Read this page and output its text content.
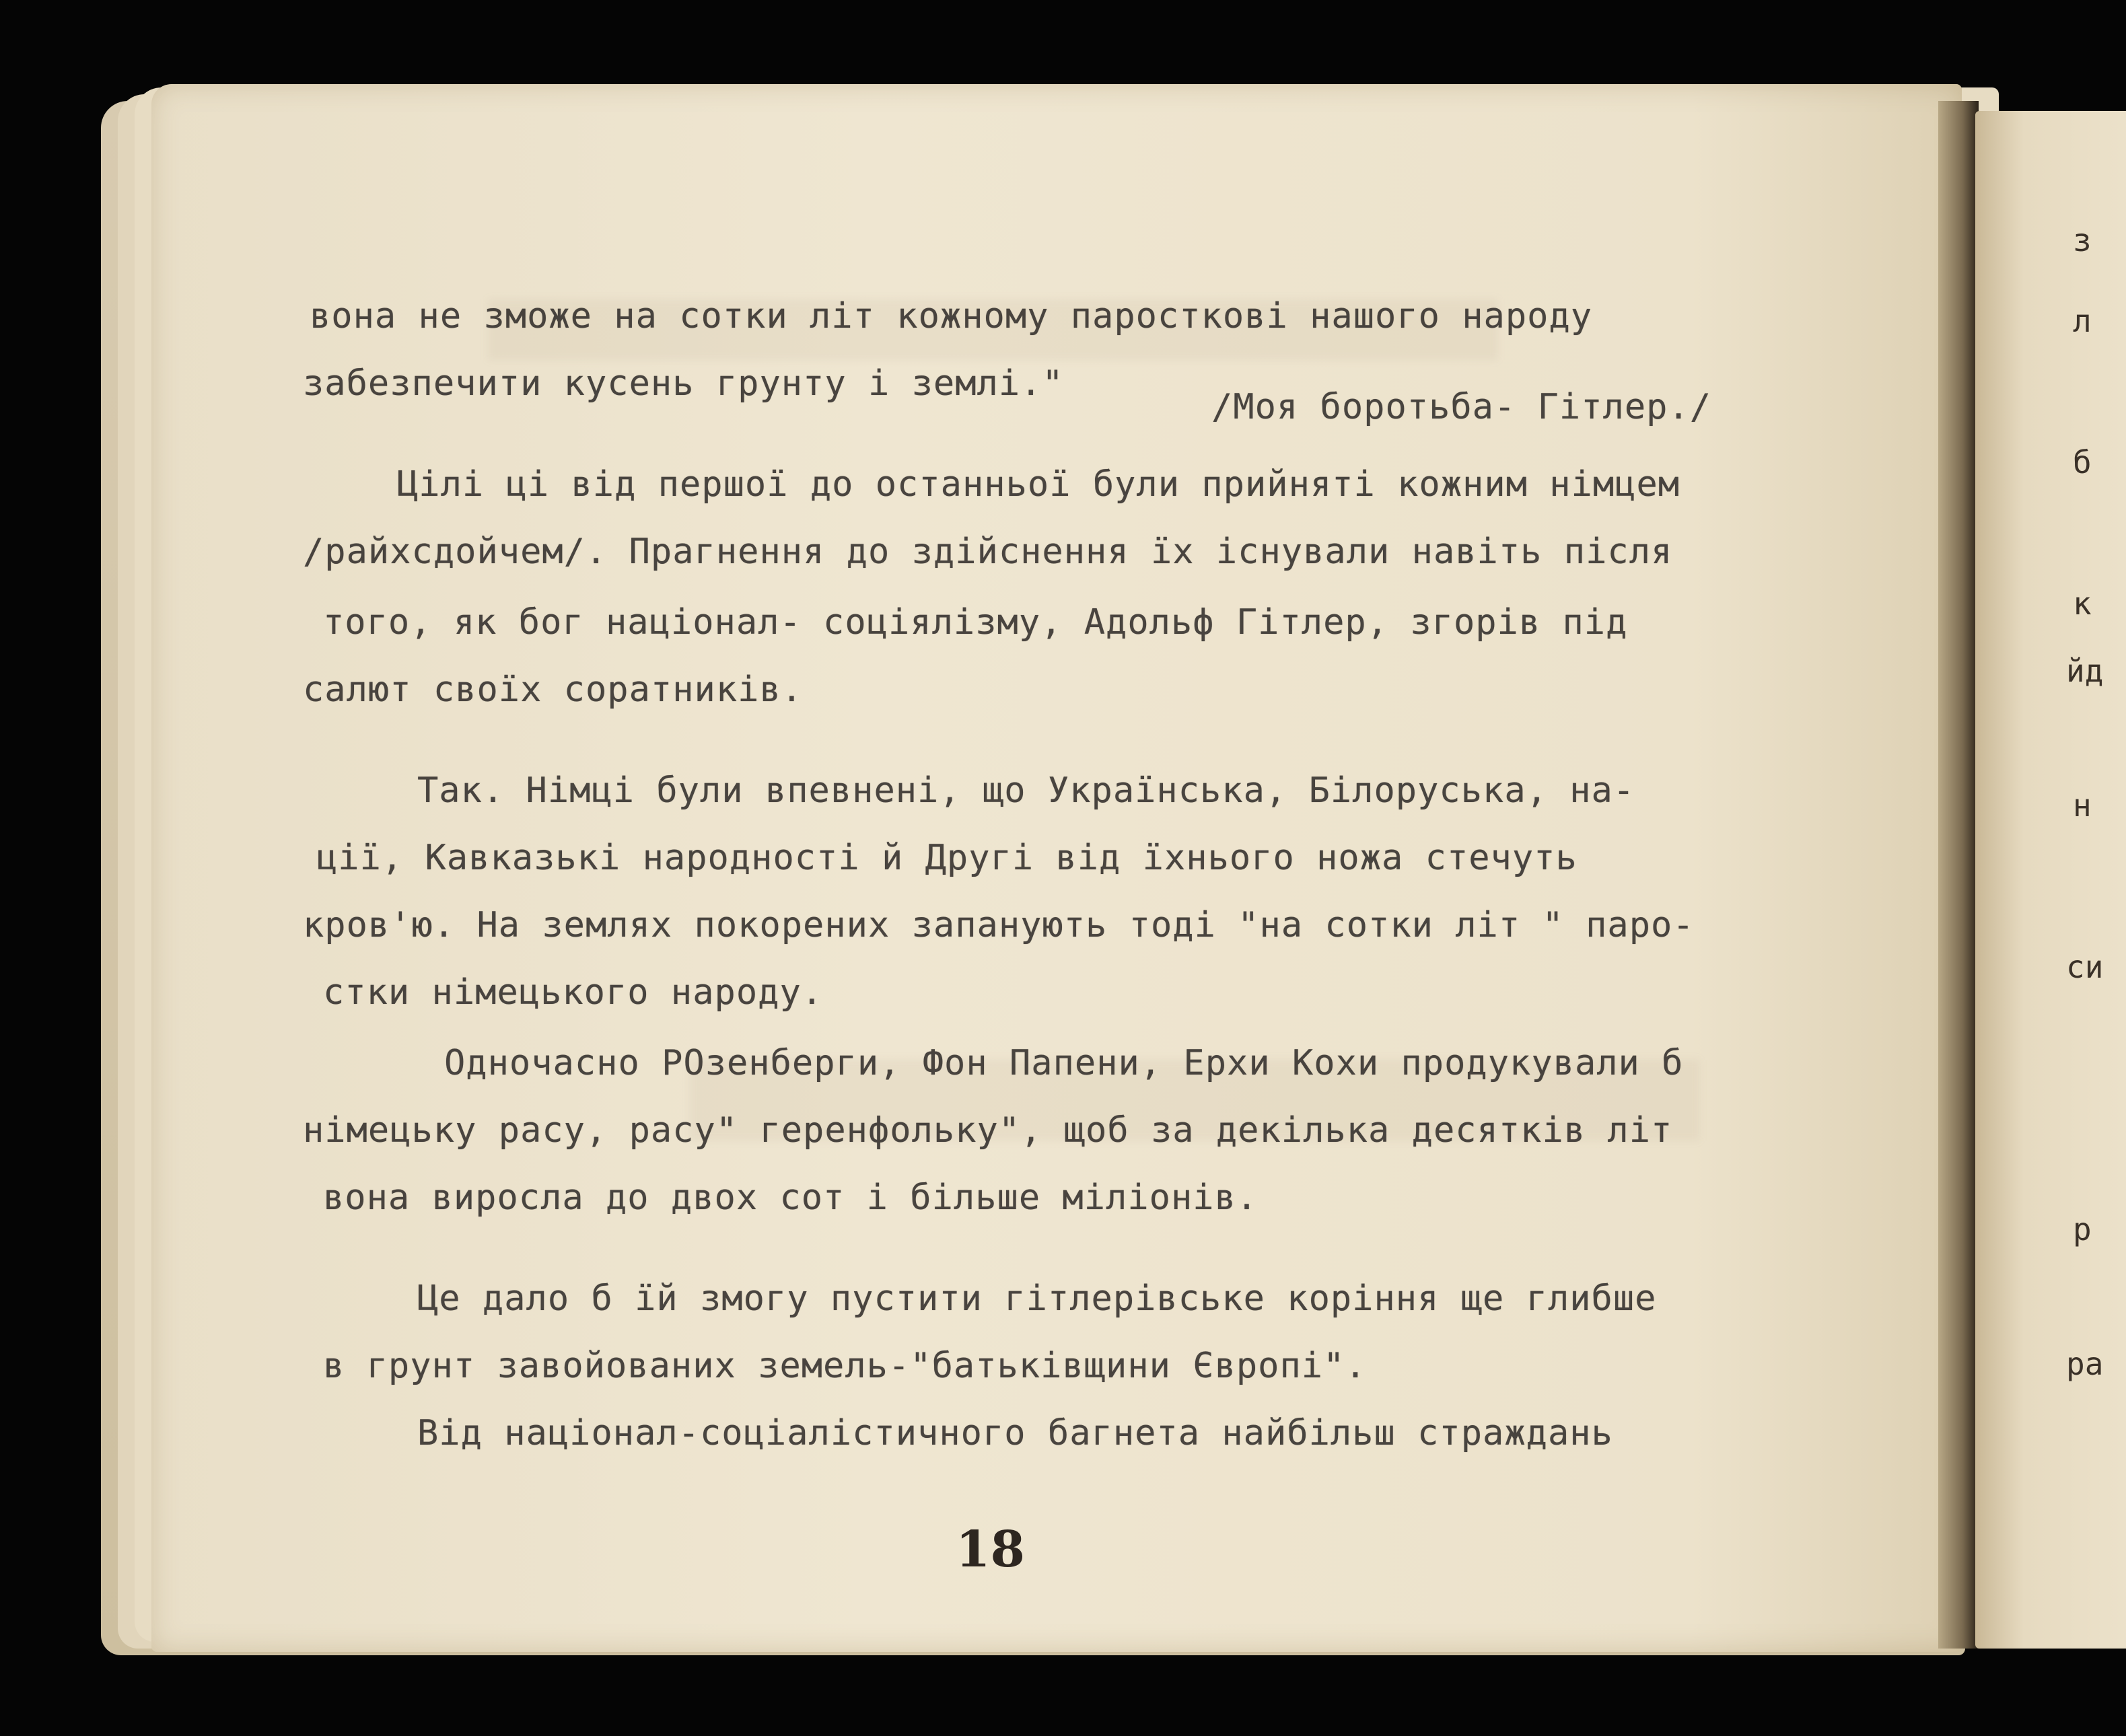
з
л
б
к
йд
н
си
р
ра
вона не зможе на сотки літ кожному паросткові нашого народу
забезпечити кусень грунту і землі."
/Моя боротьба- Гітлер./
Цілі ці від першої до останньої були прийняті кожним німцем
/райхсдойчем/. Прагнення до здійснення їх існували навіть після
того, як бог націонал- соціялізму, Адольф Гітлер, згорів під
салют своїх соратників.
Так. Німці були впевнені, що Українська, Білоруська, на-
ції, Кавказькі народності й Другі від їхнього ножа стечуть
кров'ю. На землях покорених запанують тоді "на сотки літ " паро-
стки німецького народу.
Одночасно РОзенберги, Фон Папени, Ерхи Кохи продукували б
німецьку расу, расу" геренфольку", щоб за декілька десятків літ
вона виросла до двох сот і більше міліонів.
Це дало б їй змогу пустити гітлерівське коріння ще глибше
в грунт завойованих земель-"батьківщини Європі".
Від націонал-соціалістичного багнета найбільш страждань
18
